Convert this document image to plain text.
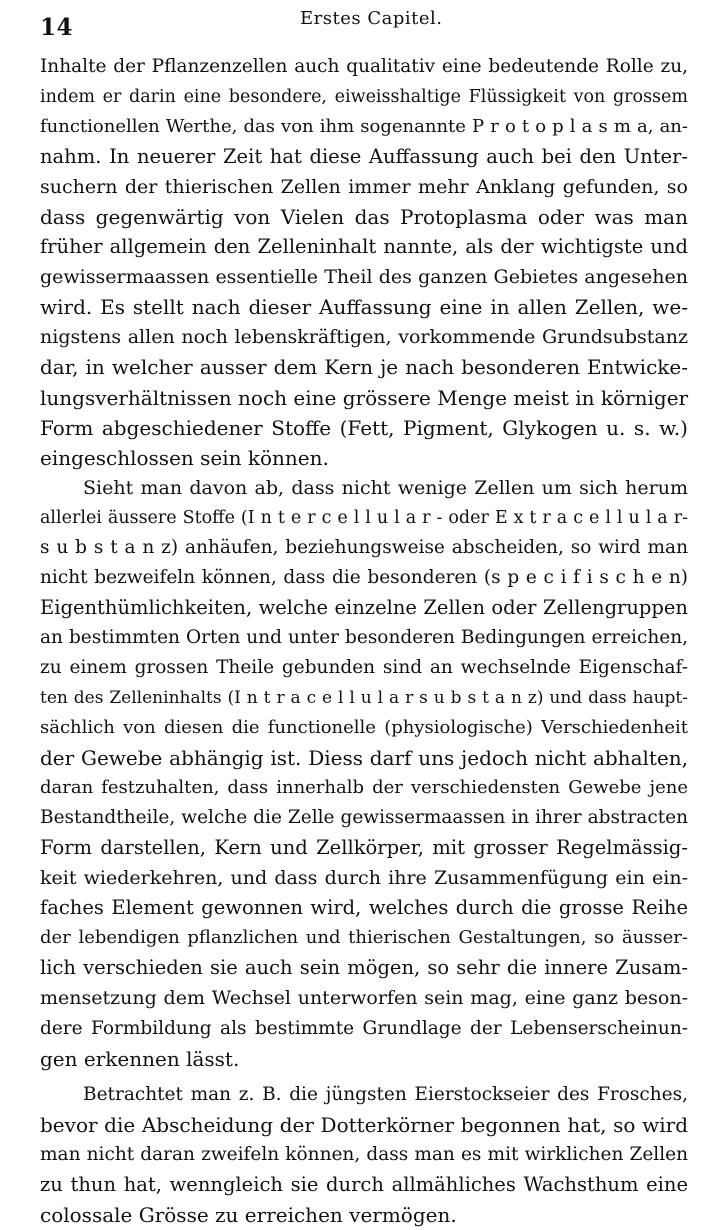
14	Erstes Capitel.
Inhalte der Pflanzenzellen auch qualitativ eine bedeutende Rolle zu,
indem er darin eine besondere, eiweisshaltige Flüssigkeit von grossem
functionellen Werthe, das von ihm sogenannte P r o t o p l a s m a, an-
nahm. In neuerer Zeit hat diese Auffassung auch bei den Unter-
suchern der thierischen Zellen immer mehr Anklang gefunden, so
dass gegenwärtig von Vielen das Protoplasma oder was man
früher allgemein den Zelleninhalt nannte, als der wichtigste und
gewissermaassen essentielle Theil des ganzen Gebietes angesehen
wird. Es stellt nach dieser Auffassung eine in allen Zellen, we-
nigstens allen noch lebenskräftigen, vorkommende Grundsubstanz
dar, in welcher ausser dem Kern je nach besonderen Entwicke-
lungsverhältnissen noch eine grössere Menge meist in körniger
Form abgeschiedener Stoffe (Fett, Pigment, Glykogen u. s. w.)
eingeschlossen sein können.
Sieht man davon ab, dass nicht wenige Zellen um sich herum
allerlei äussere Stoffe (I n t e r c e l l u l a r - oder E x t r a c e l l u l a r-
s u b s t a n z) anhäufen, beziehungsweise abscheiden, so wird man
nicht bezweifeln können, dass die besonderen (s p e c i f i s c h e n)
Eigenthümlichkeiten, welche einzelne Zellen oder Zellengruppen
an bestimmten Orten und unter besonderen Bedingungen erreichen,
zu einem grossen Theile gebunden sind an wechselnde Eigenschaf-
ten des Zelleninhalts (I n t r a c e l l u l a r s u b s t a n z) und dass haupt-
sächlich von diesen die functionelle (physiologische) Verschiedenheit
der Gewebe abhängig ist. Diess darf uns jedoch nicht abhalten,
daran festzuhalten, dass innerhalb der verschiedensten Gewebe jene
Bestandtheile, welche die Zelle gewissermaassen in ihrer abstracten
Form darstellen, Kern und Zellkörper, mit grosser Regelmässig-
keit wiederkehren, und dass durch ihre Zusammenfügung ein ein-
faches Element gewonnen wird, welches durch die grosse Reihe
der lebendigen pflanzlichen und thierischen Gestaltungen, so äusser-
lich verschieden sie auch sein mögen, so sehr die innere Zusam-
mensetzung dem Wechsel unterworfen sein mag, eine ganz beson-
dere Formbildung als bestimmte Grundlage der Lebenserscheinun-
gen erkennen lässt.
Betrachtet man z. B. die jüngsten Eierstockseier des Frosches,
bevor die Abscheidung der Dotterkörner begonnen hat, so wird
man nicht daran zweifeln können, dass man es mit wirklichen Zellen
zu thun hat, wenngleich sie durch allmähliches Wachsthum eine
colossale Grösse zu erreichen vermögen.
